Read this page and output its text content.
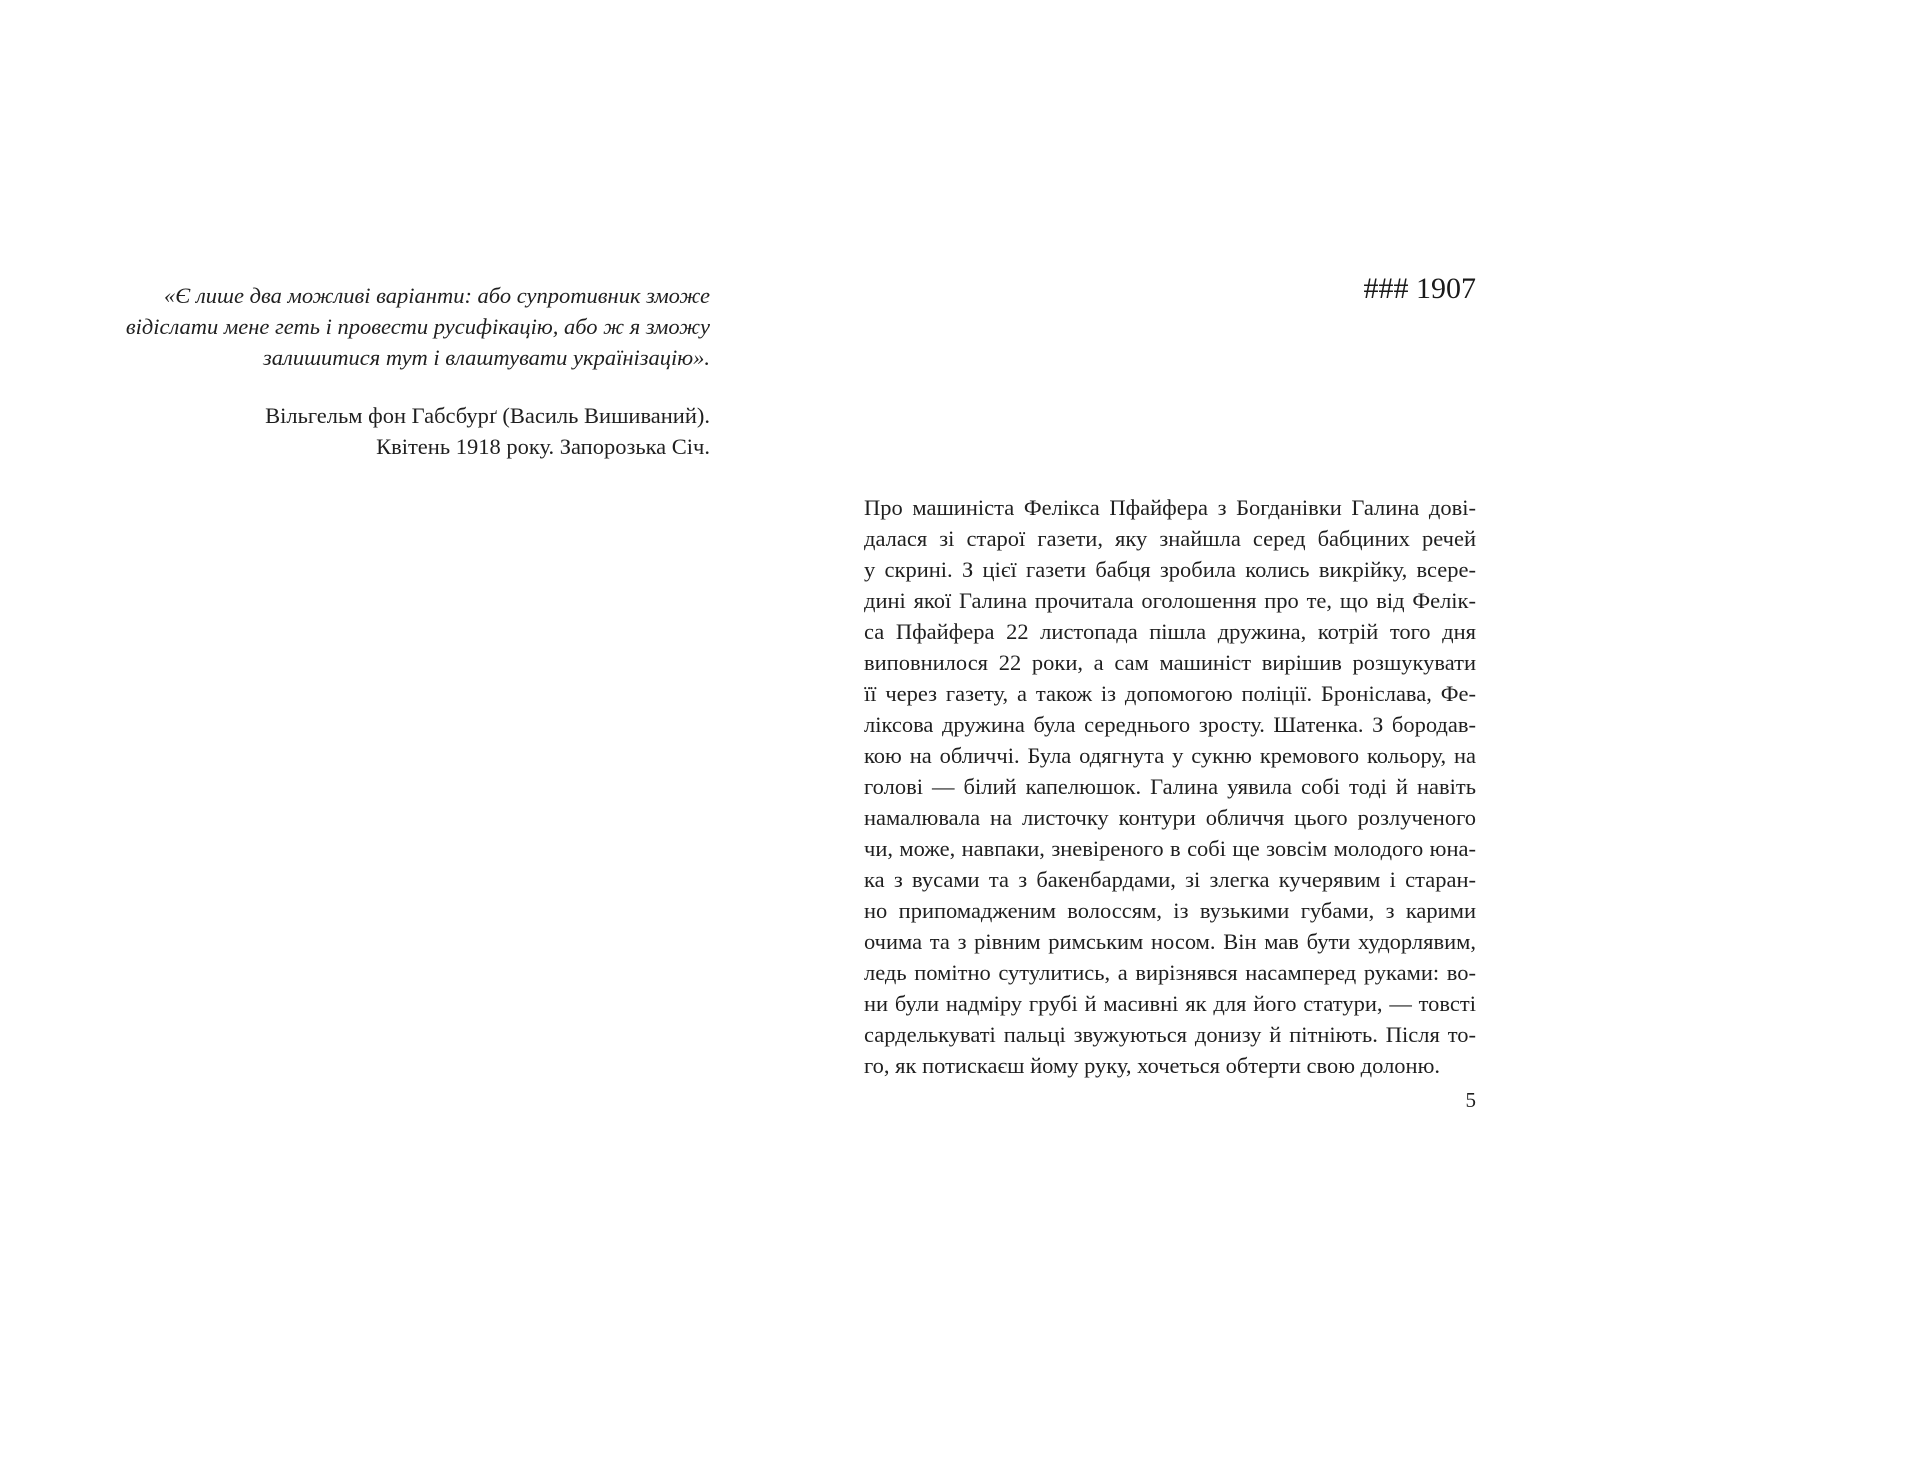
«Є лише два можливі варіанти: або супротивник зможе
відіслати мене геть і провести русифікацію, або ж я зможу
залишитися тут і влаштувати українізацію».
Вільгельм фон Габсбурґ (Василь Вишиваний).
Квітень 1918 року. Запорозька Січ.
### 1907
Про машиніста Фелікса Пфайфера з Богданівки Галина дові-
далася зі старої газети, яку знайшла серед бабциних речей
у скрині. З цієї газети бабця зробила колись викрійку, всере-
дині якої Галина прочитала оголошення про те, що від Фелік-
са Пфайфера 22 листопада пішла дружина, котрій того дня
виповнилося 22 роки, а сам машиніст вирішив розшукувати
її через газету, а також із допомогою поліції. Броніслава, Фе-
ліксова дружина була середнього зросту. Шатенка. З бородав-
кою на обличчі. Була одягнута у сукню кремового кольору, на
голові — білий капелюшок. Галина уявила собі тоді й навіть
намалювала на листочку контури обличчя цього розлученого
чи, може, навпаки, зневіреного в собі ще зовсім молодого юна-
ка з вусами та з бакенбардами, зі злегка кучерявим і старан-
но припомадженим волоссям, із вузькими губами, з карими
очима та з рівним римським носом. Він мав бути худорлявим,
ледь помітно сутулитись, а вирізнявся насамперед руками: во-
ни були надміру грубі й масивні як для його статури, — товсті
сарделькуваті пальці звужуються донизу й пітніють. Після то-
го, як потискаєш йому руку, хочеться обтерти свою долоню.
5
